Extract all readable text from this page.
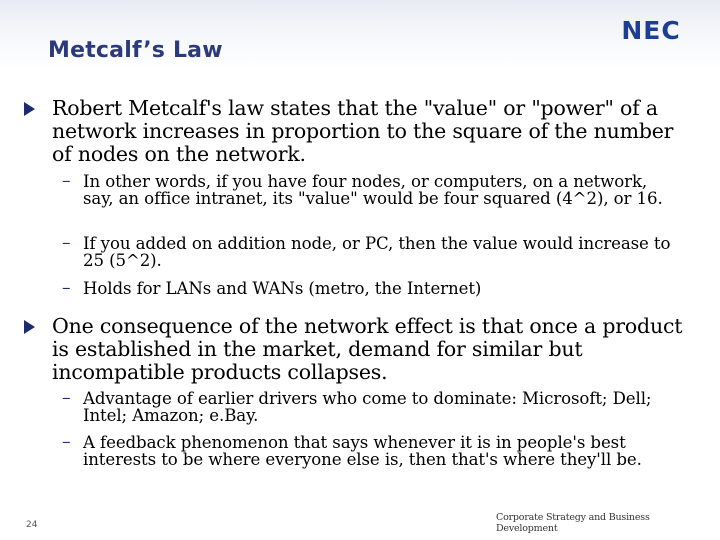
Metcalf’s Law
NEC
Robert Metcalf's law states that the "value" or "power" of a network increases in proportion to the square of the number of nodes on the network.
– In other words, if you have four nodes, or computers, on a network, say, an office intranet, its "value" would be four squared (4^2), or 16.
– If you added on addition node, or PC, then the value would increase to 25 (5^2).
– Holds for LANs and WANs (metro, the Internet)
One consequence of the network effect is that once a product is established in the market, demand for similar but incompatible products collapses.
– Advantage of earlier drivers who come to dominate: Microsoft; Dell; Intel; Amazon; e.Bay.
– A feedback phenomenon that says whenever it is in people's best interests to be where everyone else is, then that's where they'll be.
24
Corporate Strategy and Business Development
